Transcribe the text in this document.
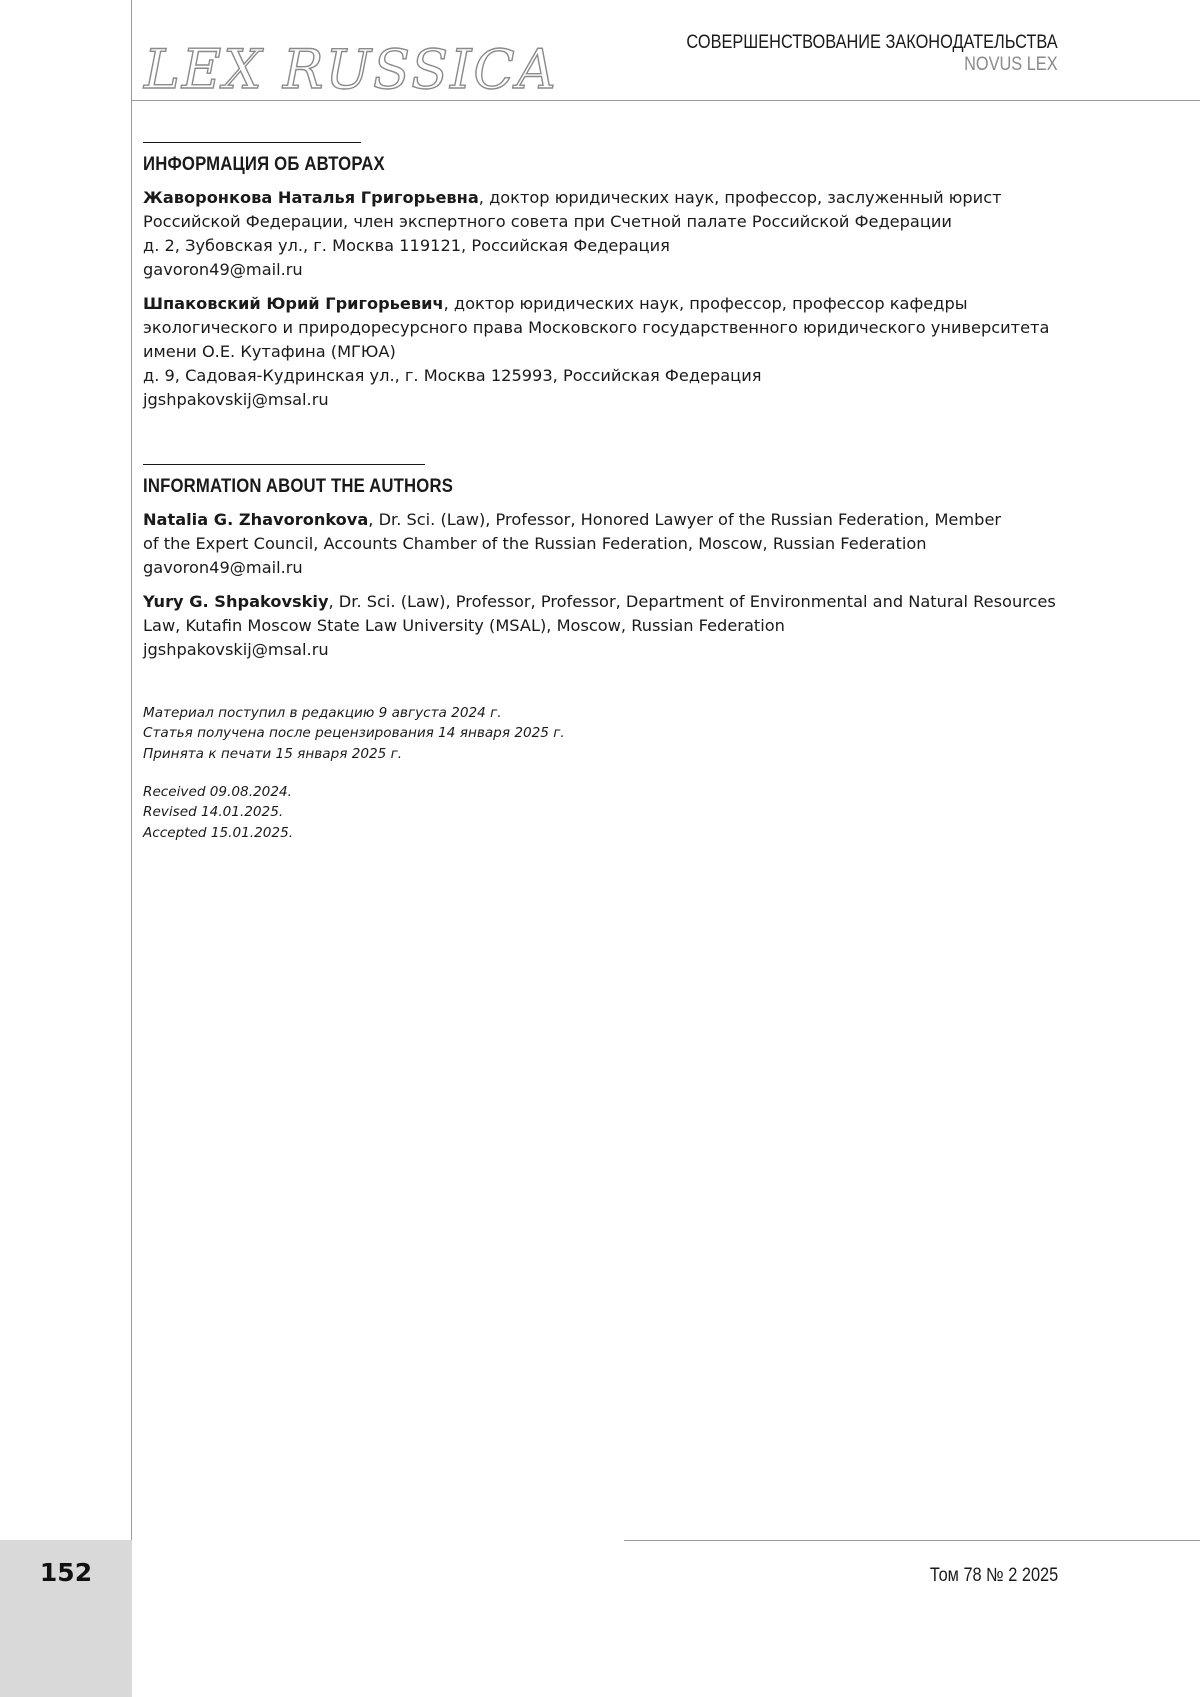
152
LEX RUSSICA	СОВЕРШЕНСТВОВАНИЕ ЗАКОНОДАТЕЛЬСТВА
NOVUS LEX
ИНФОРМАЦИЯ ОБ АВТОРАХ

Жаворонкова Наталья Григорьевна, доктор юридических наук, профессор, заслуженный юрист

Российской Федерации, член экспертного совета при Счетной палате Российской Федерации

д. 2, Зубовская ул., г. Москва 119121, Российская Федерация

gavoron49@mail.ru

Шпаковский Юрий Григорьевич, доктор юридических наук, профессор, профессор кафедры

экологического и природоресурсного права Московского государственного юридического университета

имени О.Е. Кутафина (МГЮА)

д. 9, Садовая-Кудринская ул., г. Москва 125993, Российская Федерация

jgshpakovskij@msal.ru

INFORMATION ABOUT THE AUTHORS

Natalia G. Zhavoronkova, Dr. Sci. (Law), Professor, Honored Lawyer of the Russian Federation, Member

of the Expert Council, Accounts Chamber of the Russian Federation, Moscow, Russian Federation

gavoron49@mail.ru

Yury G. Shpakovskiy, Dr. Sci. (Law), Professor, Professor, Department of Environmental and Natural Resources

Law, Kutafin Moscow State Law University (MSAL), Moscow, Russian Federation

jgshpakovskij@msal.ru

Материал поступил в редакцию 9 августа 2024 г.

Статья получена после рецензирования 14 января 2025 г.

Принята к печати 15 января 2025 г.

Received 09.08.2024.

Revised 14.01.2025.

Accepted 15.01.2025.

Том 78 № 2 2025
